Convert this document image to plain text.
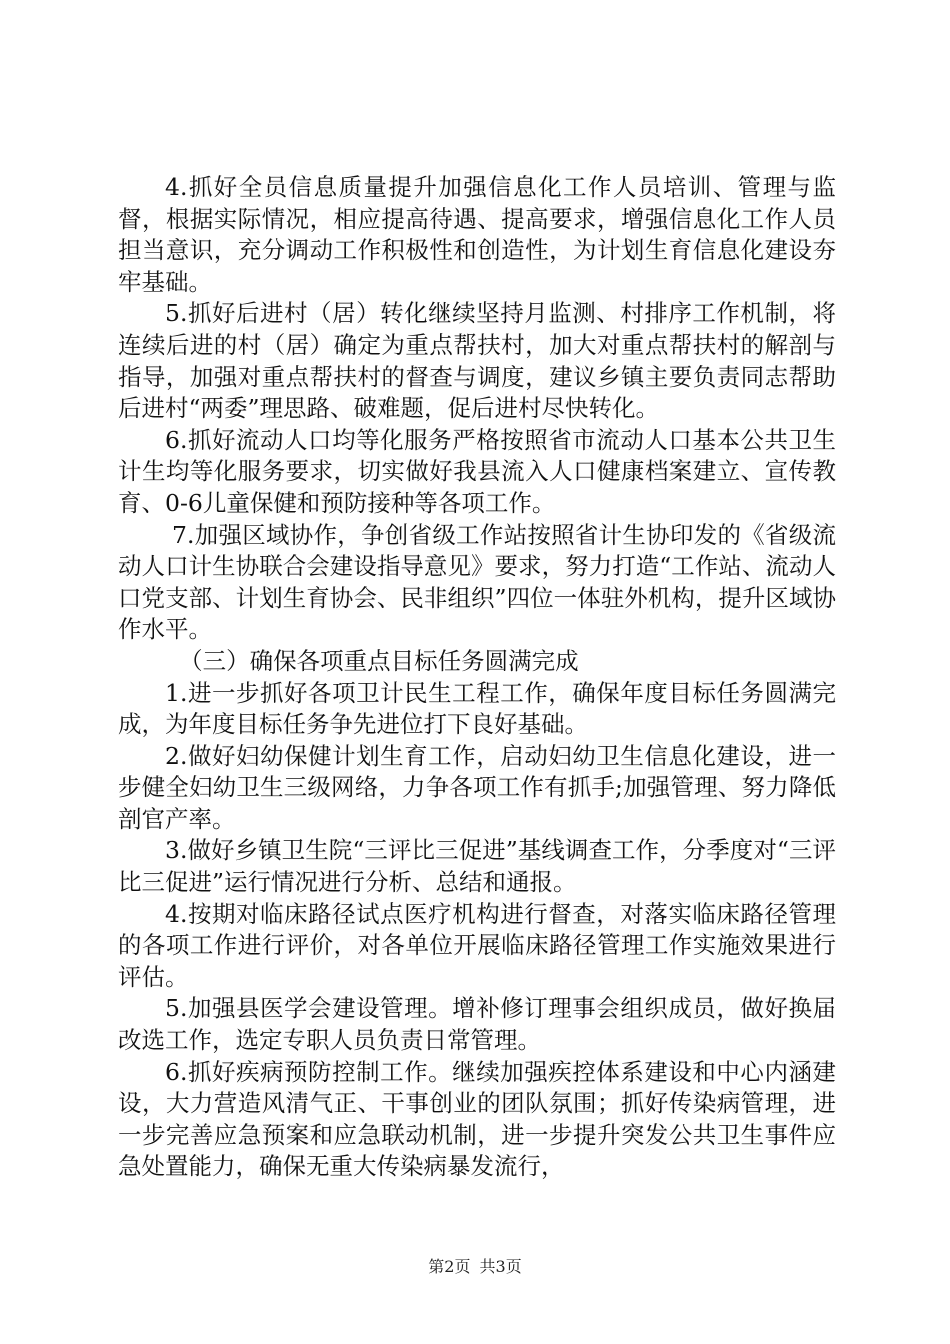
4.抓好全员信息质量提升加强信息化工作人员培训、管理与监督，根据实际情况，相应提高待遇、提高要求，增强信息化工作人员担当意识，充分调动工作积极性和创造性，为计划生育信息化建设夯牢基础。

5.抓好后进村（居）转化继续坚持月监测、村排序工作机制，将连续后进的村（居）确定为重点帮扶村，加大对重点帮扶村的解剖与指导，加强对重点帮扶村的督查与调度，建议乡镇主要负责同志帮助后进村“两委”理思路、破难题，促后进村尽快转化。

6.抓好流动人口均等化服务严格按照省市流动人口基本公共卫生计生均等化服务要求，切实做好我县流入人口健康档案建立、宣传教育、0-6儿童保健和预防接种等各项工作。

7.加强区域协作，争创省级工作站按照省计生协印发的《省级流动人口计生协联合会建设指导意见》要求，努力打造“工作站、流动人口党支部、计划生育协会、民非组织”四位一体驻外机构，提升区域协作水平。

（三）确保各项重点目标任务圆满完成

1.进一步抓好各项卫计民生工程工作，确保年度目标任务圆满完成，为年度目标任务争先进位打下良好基础。

2.做好妇幼保健计划生育工作，启动妇幼卫生信息化建设，进一步健全妇幼卫生三级网络，力争各项工作有抓手;加强管理、努力降低剖官产率。

3.做好乡镇卫生院“三评比三促进”基线调查工作，分季度对“三评比三促进”运行情况进行分析、总结和通报。

4.按期对临床路径试点医疗机构进行督查，对落实临床路径管理的各项工作进行评价，对各单位开展临床路径管理工作实施效果进行评估。

5.加强县医学会建设管理。增补修订理事会组织成员，做好换届改选工作，选定专职人员负责日常管理。

6.抓好疾病预防控制工作。继续加强疾控体系建设和中心内涵建设，大力营造风清气正、干事创业的团队氛围；抓好传染病管理，进一步完善应急预案和应急联动机制，进一步提升突发公共卫生事件应急处置能力，确保无重大传染病暴发流行，

第2页 共3页
